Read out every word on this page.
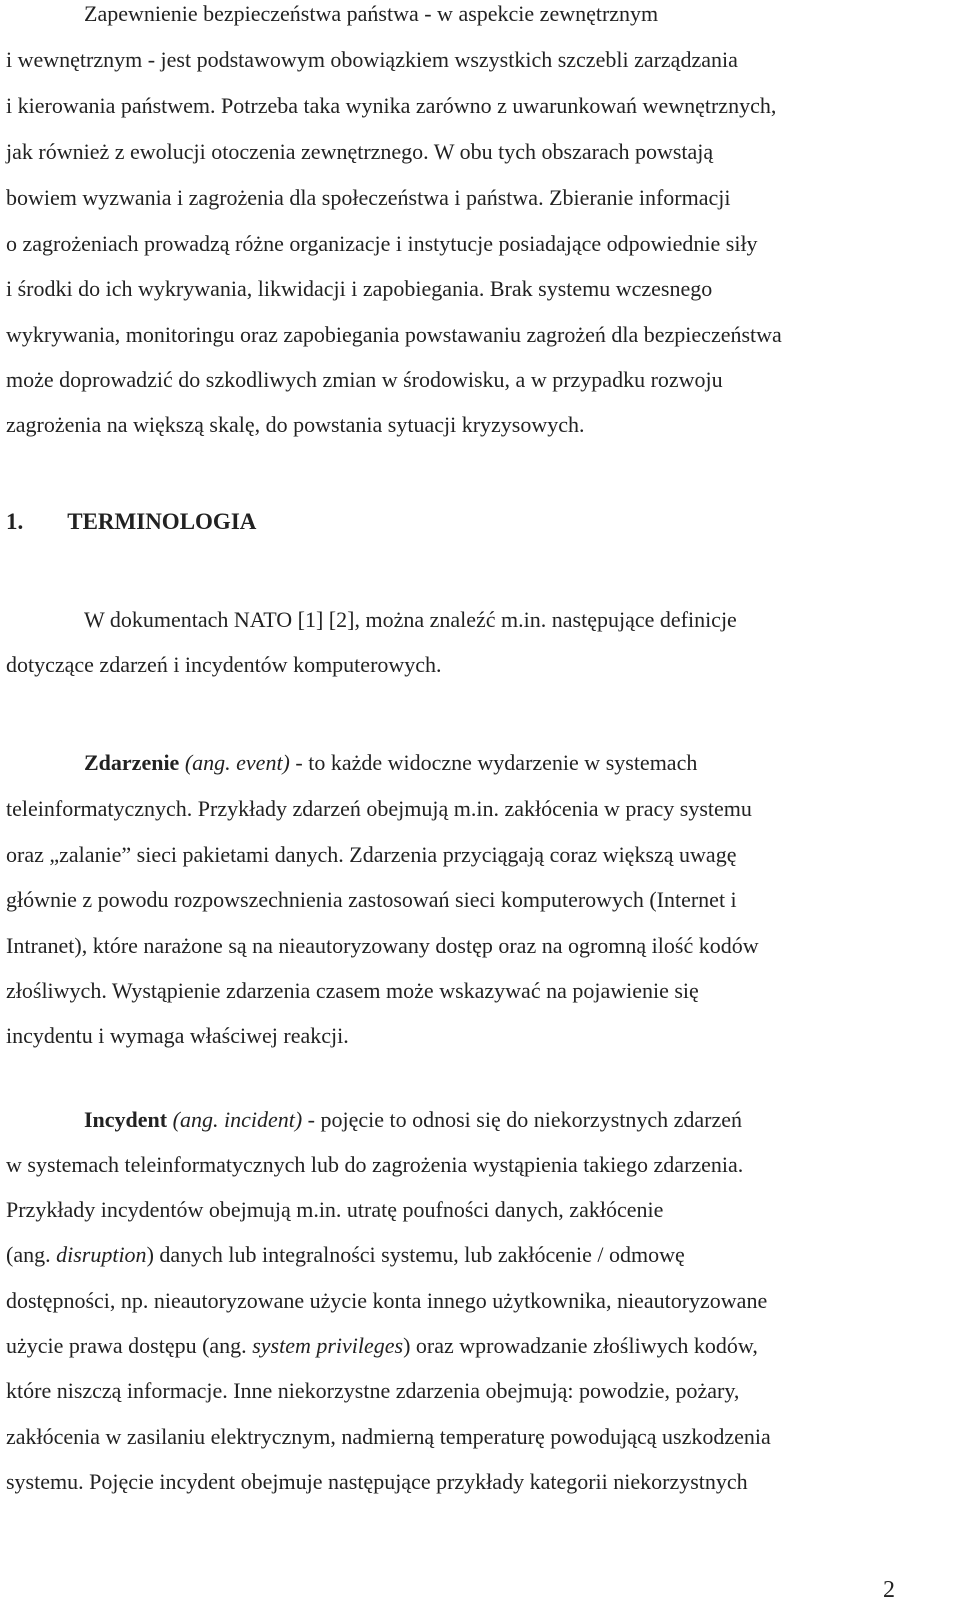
Zapewnienie bezpieczeństwa państwa - w aspekcie zewnętrznym
i wewnętrznym - jest podstawowym obowiązkiem wszystkich szczebli zarządzania
i kierowania państwem. Potrzeba taka wynika zarówno z uwarunkowań wewnętrznych,
jak również z ewolucji otoczenia zewnętrznego. W obu tych obszarach powstają
bowiem wyzwania i zagrożenia dla społeczeństwa i państwa. Zbieranie informacji
o zagrożeniach prowadzą różne organizacje i instytucje posiadające odpowiednie siły
i środki do ich wykrywania, likwidacji i zapobiegania. Brak systemu wczesnego
wykrywania, monitoringu oraz zapobiegania powstawaniu zagrożeń dla bezpieczeństwa
może doprowadzić do szkodliwych zmian w środowisku, a w przypadku rozwoju
zagrożenia na większą skalę, do powstania sytuacji kryzysowych.
1. TERMINOLOGIA
W dokumentach NATO [1] [2], można znaleźć m.in. następujące definicje
dotyczące zdarzeń i incydentów komputerowych.
Zdarzenie (ang. event) - to każde widoczne wydarzenie w systemach
teleinformatycznych. Przykłady zdarzeń obejmują m.in. zakłócenia w pracy systemu
oraz „zalanie” sieci pakietami danych. Zdarzenia przyciągają coraz większą uwagę
głównie z powodu rozpowszechnienia zastosowań sieci komputerowych (Internet i
Intranet), które narażone są na nieautoryzowany dostęp oraz na ogromną ilość kodów
złośliwych. Wystąpienie zdarzenia czasem może wskazywać na pojawienie się
incydentu i wymaga właściwej reakcji.
Incydent (ang. incident) - pojęcie to odnosi się do niekorzystnych zdarzeń
w systemach teleinformatycznych lub do zagrożenia wystąpienia takiego zdarzenia.
Przykłady incydentów obejmują m.in. utratę poufności danych, zakłócenie
(ang. disruption) danych lub integralności systemu, lub zakłócenie / odmowę
dostępności, np. nieautoryzowane użycie konta innego użytkownika, nieautoryzowane
użycie prawa dostępu (ang. system privileges) oraz wprowadzanie złośliwych kodów,
które niszczą informacje. Inne niekorzystne zdarzenia obejmują: powodzie, pożary,
zakłócenia w zasilaniu elektrycznym, nadmierną temperaturę powodującą uszkodzenia
systemu. Pojęcie incydent obejmuje następujące przykłady kategorii niekorzystnych
2
